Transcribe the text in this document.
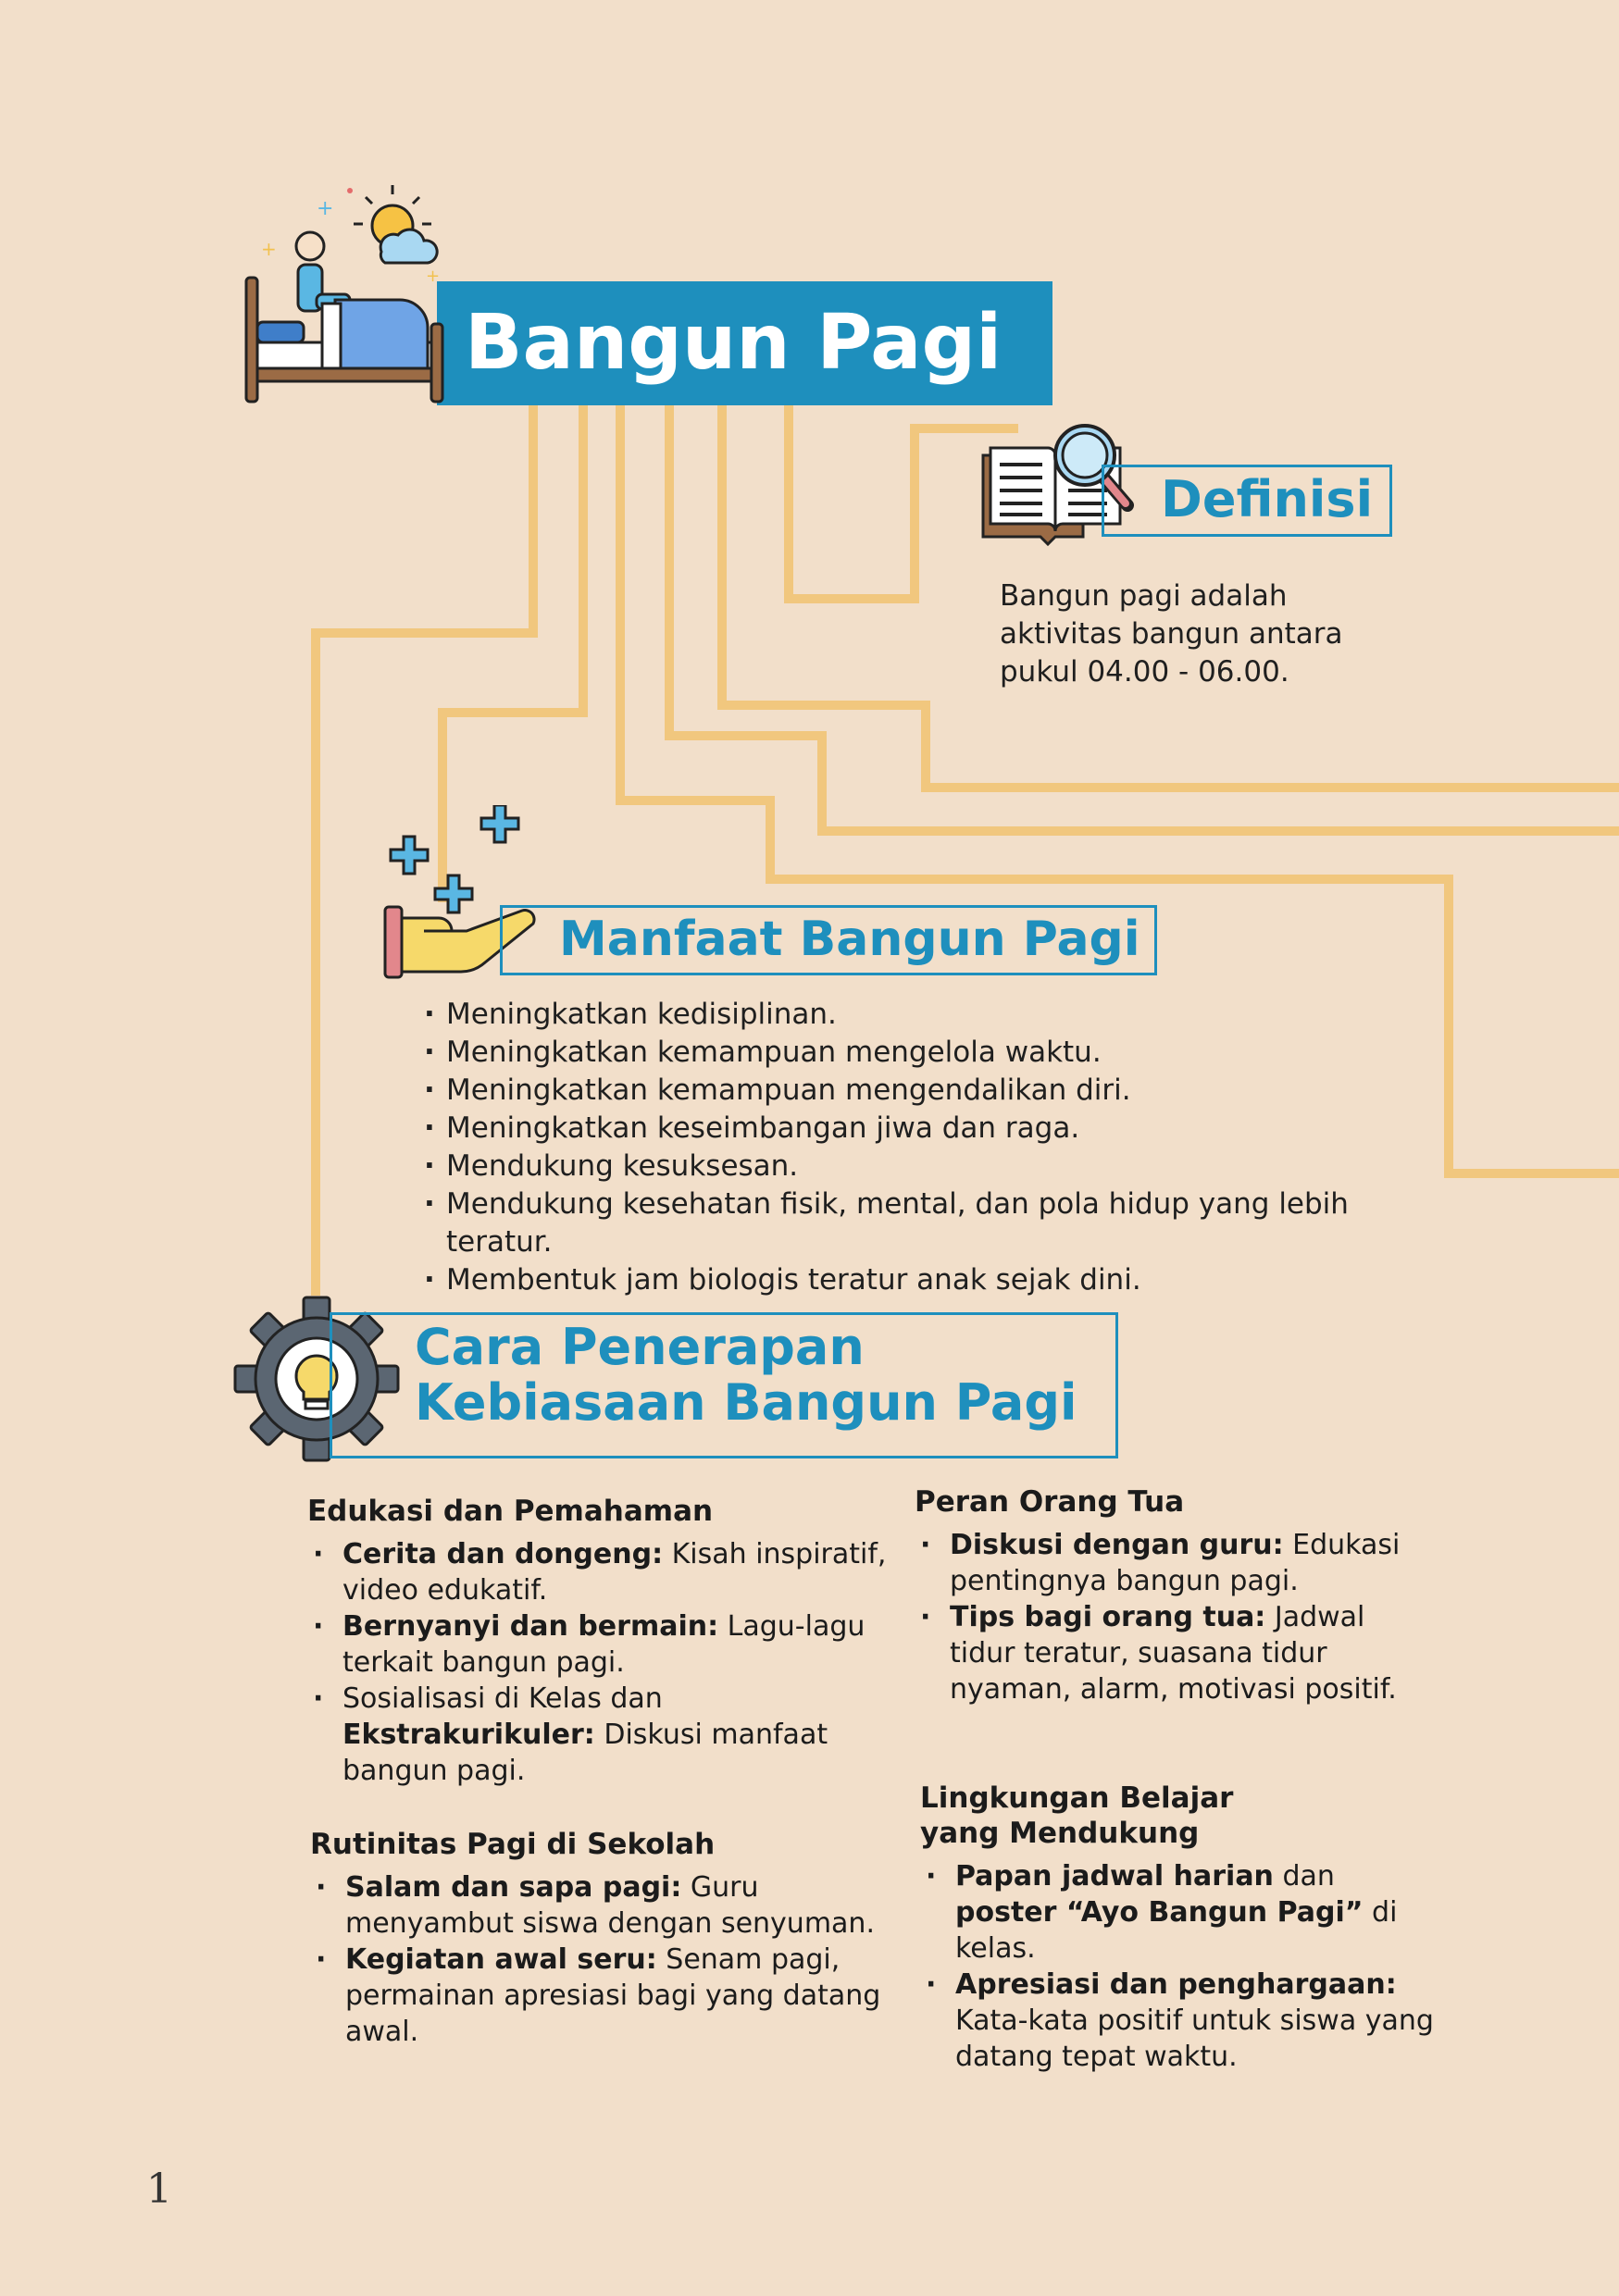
Bangun Pagi
+
+
+
Definisi
Bangun pagi adalah aktivitas bangun antara pukul 04.00 - 06.00.
Manfaat Bangun Pagi
· Meningkatkan kedisiplinan.
· Meningkatkan kemampuan mengelola waktu.
· Meningkatkan kemampuan mengendalikan diri.
· Meningkatkan keseimbangan jiwa dan raga.
· Mendukung kesuksesan.
· Mendukung kesehatan fisik, mental, dan pola hidup yang lebih teratur.
· Membentuk jam biologis teratur anak sejak dini.
Cara Penerapan
Kebiasaan Bangun Pagi
Edukasi dan Pemahaman
· Cerita dan dongeng: Kisah inspiratif, video edukatif.
· Bernyanyi dan bermain: Lagu-lagu terkait bangun pagi.
· Sosialisasi di Kelas dan Ekstrakurikuler: Diskusi manfaat bangun pagi.
Rutinitas Pagi di Sekolah
· Salam dan sapa pagi: Guru menyambut siswa dengan senyuman.
· Kegiatan awal seru: Senam pagi, permainan apresiasi bagi yang datang awal.
Peran Orang Tua
· Diskusi dengan guru: Edukasi pentingnya bangun pagi.
· Tips bagi orang tua: Jadwal tidur teratur, suasana tidur nyaman, alarm, motivasi positif.
Lingkungan Belajar
yang Mendukung
· Papan jadwal harian dan poster “Ayo Bangun Pagi” di kelas.
· Apresiasi dan penghargaan: Kata-kata positif untuk siswa yang datang tepat waktu.
1
